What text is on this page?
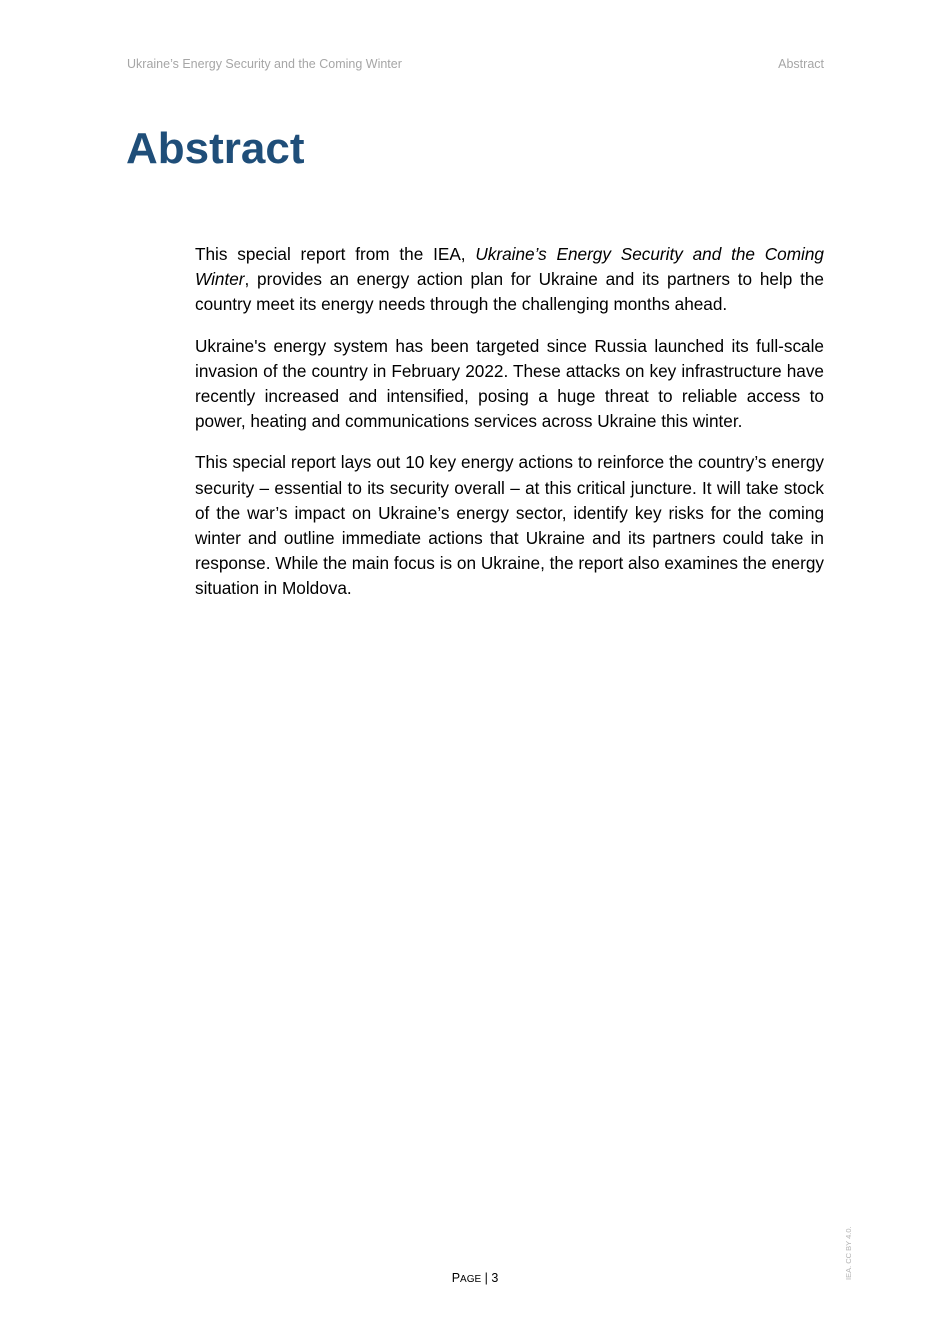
Ukraine’s Energy Security and the Coming Winter	Abstract
Abstract

This special report from the IEA, Ukraine’s Energy Security and the Coming Winter, provides an energy action plan for Ukraine and its partners to help the country meet its energy needs through the challenging months ahead.

Ukraine's energy system has been targeted since Russia launched its full-scale invasion of the country in February 2022. These attacks on key infrastructure have recently increased and intensified, posing a huge threat to reliable access to power, heating and communications services across Ukraine this winter.

This special report lays out 10 key energy actions to reinforce the country’s energy security – essential to its security overall – at this critical juncture. It will take stock of the war’s impact on Ukraine’s energy sector, identify key risks for the coming winter and outline immediate actions that Ukraine and its partners could take in response. While the main focus is on Ukraine, the report also examines the energy situation in Moldova.

PAGE | 3	IEA. CC BY 4.0.
